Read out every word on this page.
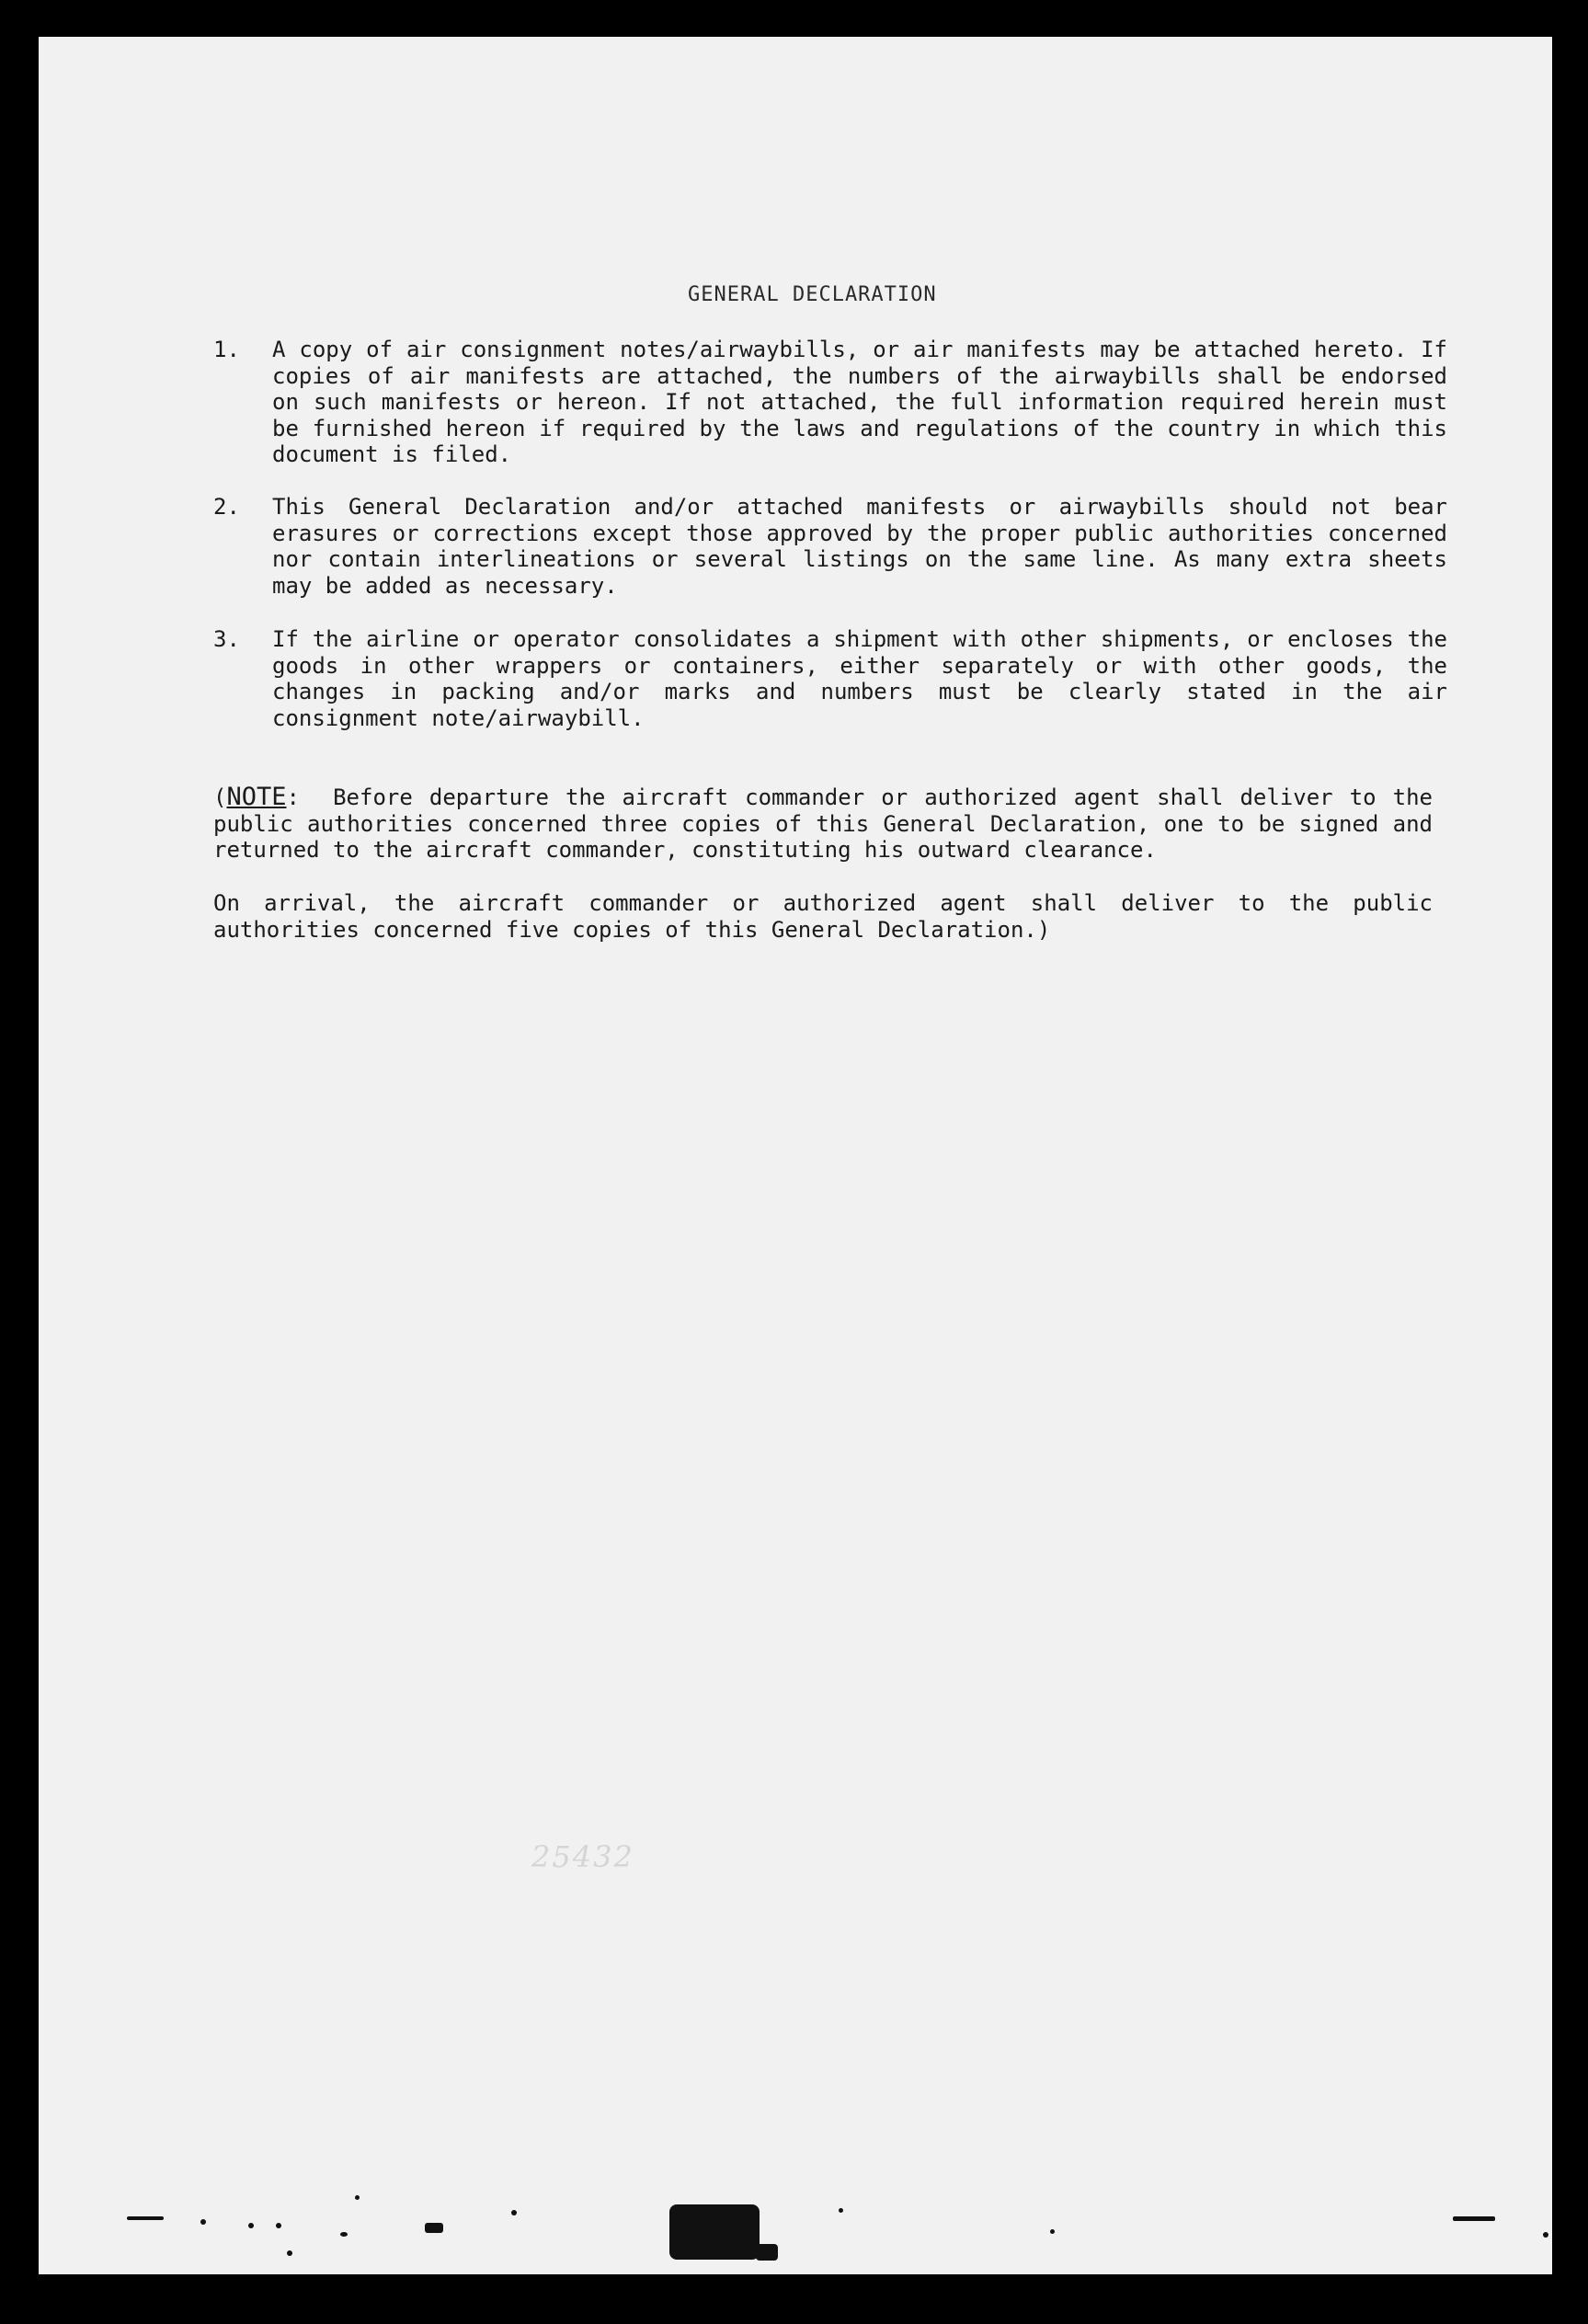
GENERAL DECLARATION
1.	A copy of air consignment notes/airwaybills, or air manifests may be attached hereto. If copies of air manifests are attached, the numbers of the airwaybills shall be endorsed on such manifests or hereon. If not attached, the full information required herein must be furnished hereon if required by the laws and regulations of the country in which this document is filed.
2.	This General Declaration and/or attached manifests or airwaybills should not bear erasures or corrections except those approved by the proper public authorities concerned nor contain interlineations or several listings on the same line. As many extra sheets may be added as necessary.
3.	If the airline or operator consolidates a shipment with other shipments, or encloses the goods in other wrappers or containers, either separately or with other goods, the changes in packing and/or marks and numbers must be clearly stated in the air consignment note/airwaybill.
(NOTE: Before departure the aircraft commander or authorized agent shall deliver to the public authorities concerned three copies of this General Declaration, one to be signed and returned to the aircraft commander, constituting his outward clearance.
On arrival, the aircraft commander or authorized agent shall deliver to the public authorities concerned five copies of this General Declaration.)
25432
